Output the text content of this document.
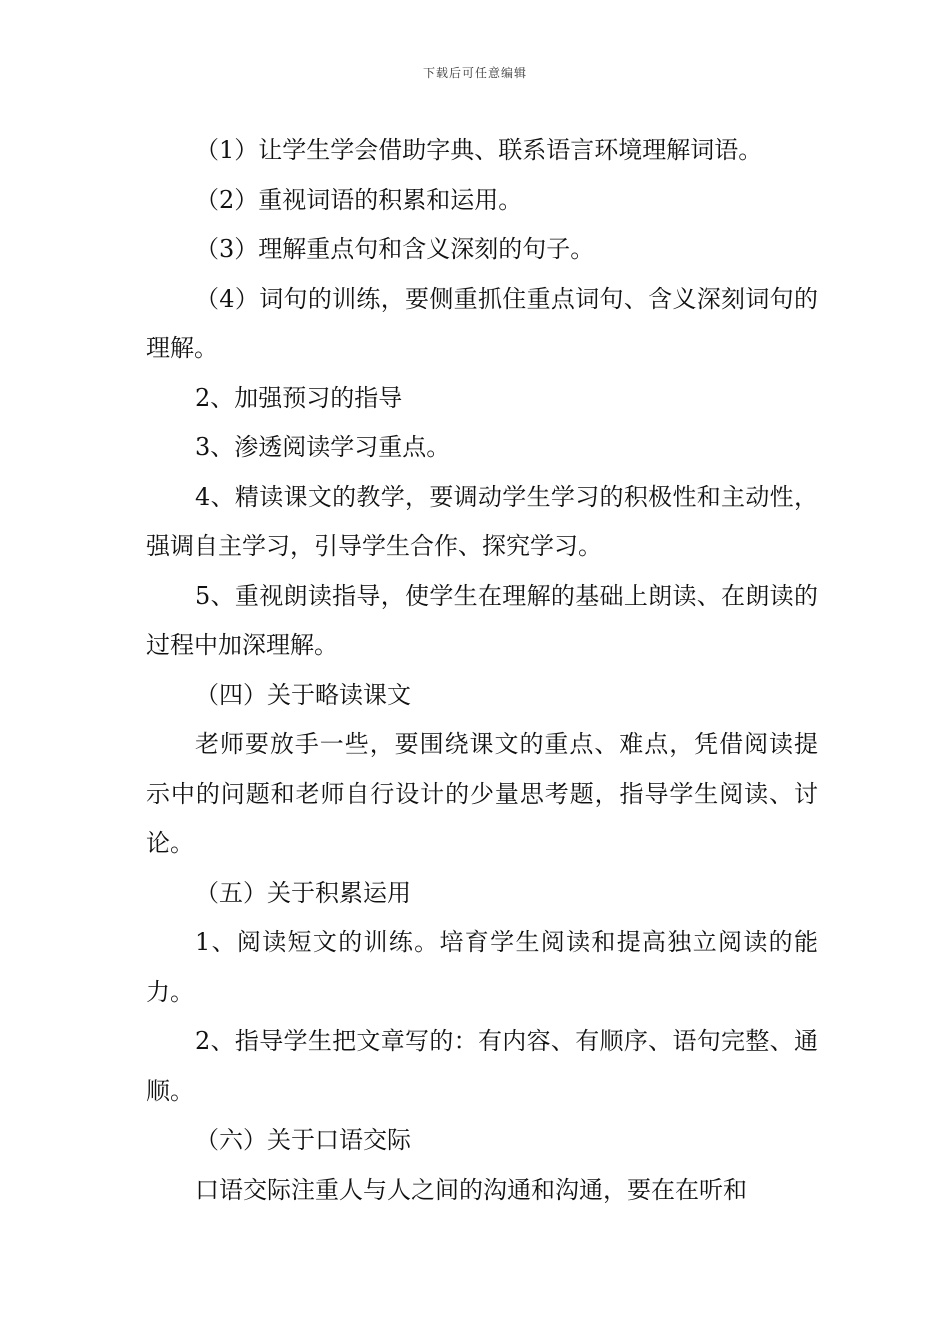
下载后可任意编辑

（1）让学生学会借助字典、联系语言环境理解词语。

（2）重视词语的积累和运用。

（3）理解重点句和含义深刻的句子。

（4）词句的训练，要侧重抓住重点词句、含义深刻词句的理解。

2、加强预习的指导

3、渗透阅读学习重点。

4、精读课文的教学，要调动学生学习的积极性和主动性，强调自主学习，引导学生合作、探究学习。

5、重视朗读指导，使学生在理解的基础上朗读、在朗读的过程中加深理解。

（四）关于略读课文

老师要放手一些，要围绕课文的重点、难点，凭借阅读提示中的问题和老师自行设计的少量思考题，指导学生阅读、讨论。

（五）关于积累运用

1、阅读短文的训练。培育学生阅读和提高独立阅读的能力。

2、指导学生把文章写的：有内容、有顺序、语句完整、通顺。

（六）关于口语交际

口语交际注重人与人之间的沟通和沟通，要在在听和
